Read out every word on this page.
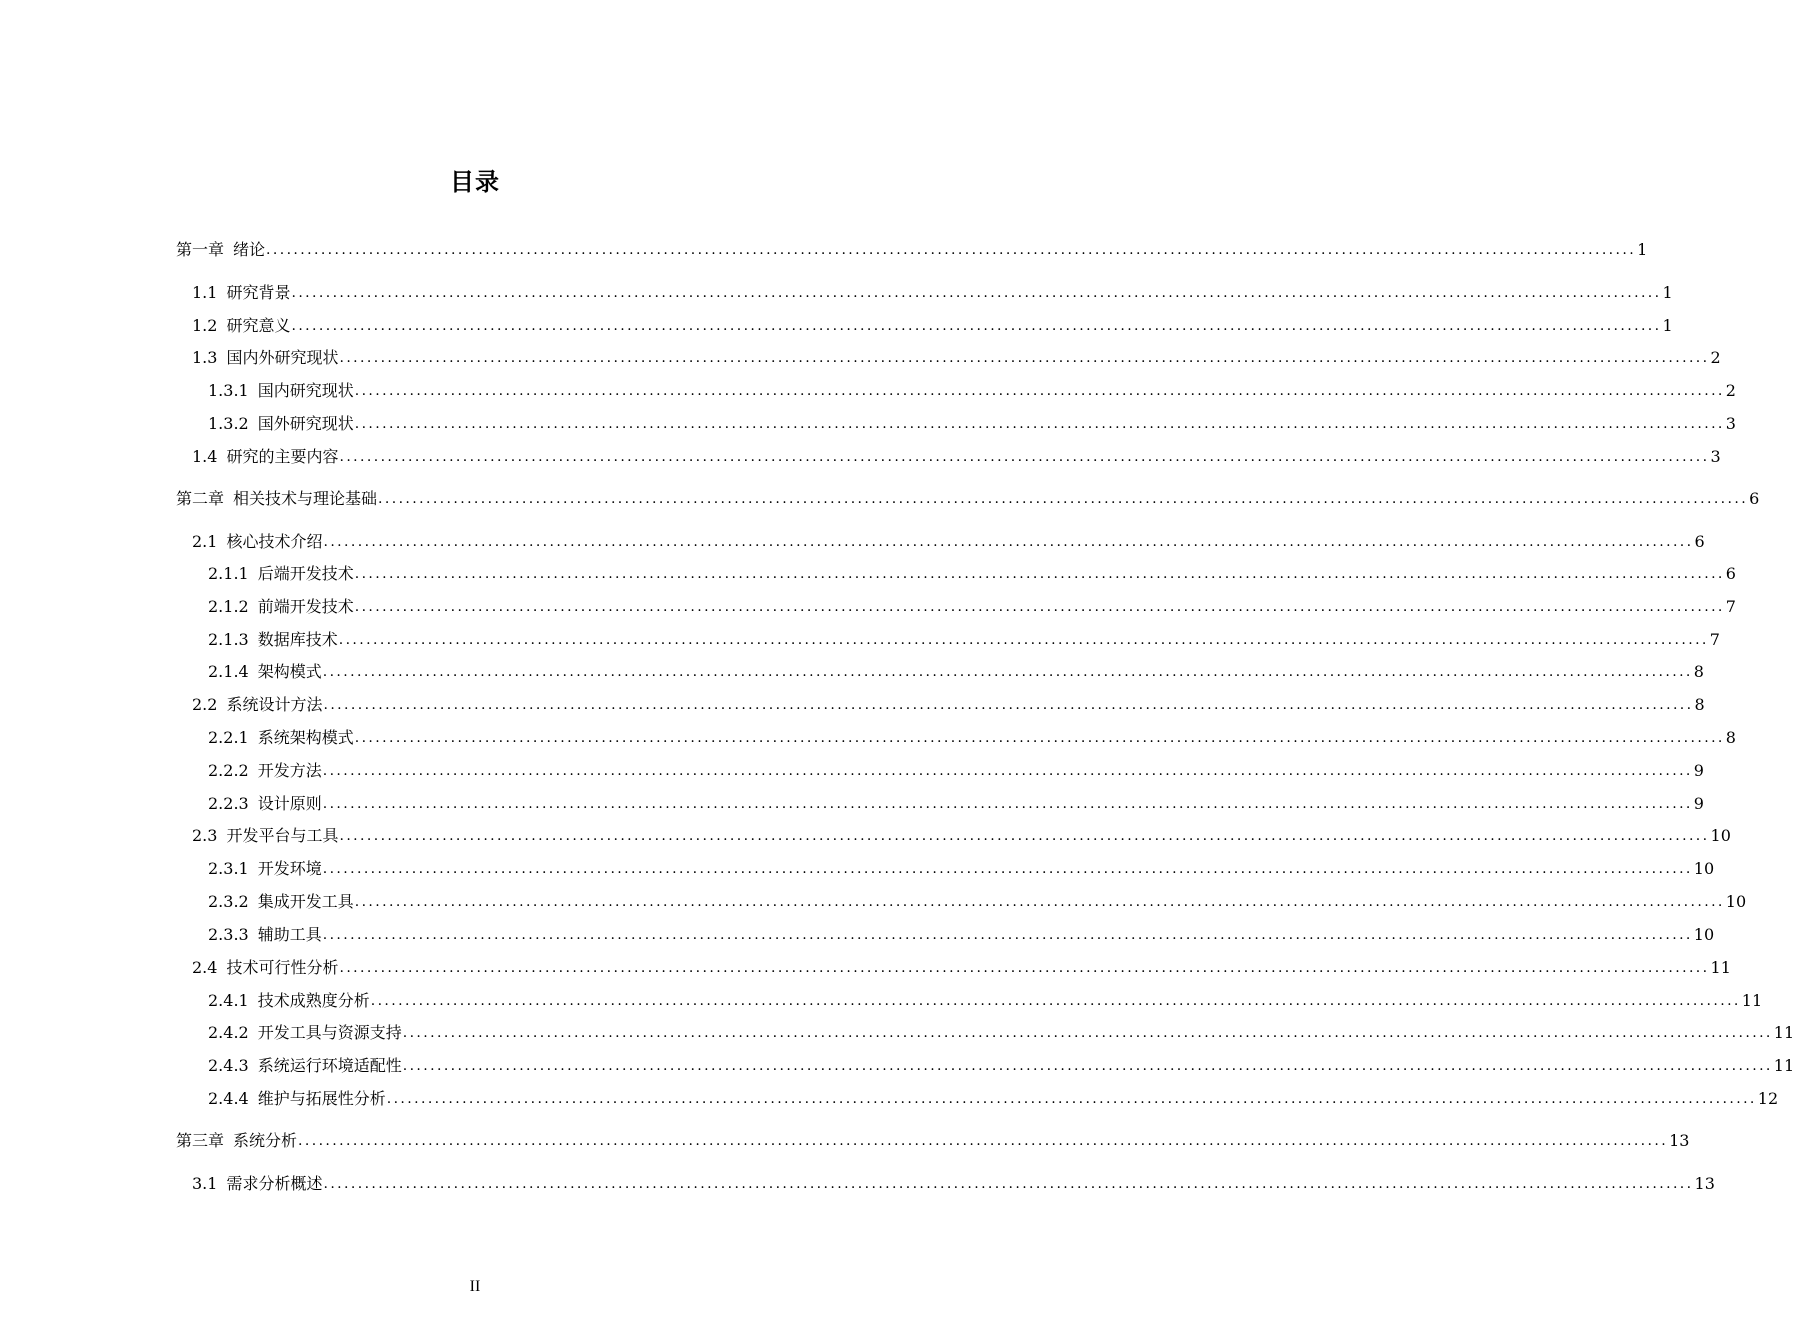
目录
第一章 绪论 ........................................................................................................................................................................................................ 1
1.1 研究背景 ........................................................................................................................................................................................................ 1
1.2 研究意义 ........................................................................................................................................................................................................ 1
1.3 国内外研究现状 ........................................................................................................................................................................................................ 2
1.3.1 国内研究现状 ........................................................................................................................................................................................................ 2
1.3.2 国外研究现状 ........................................................................................................................................................................................................ 3
1.4 研究的主要内容 ........................................................................................................................................................................................................ 3
第二章 相关技术与理论基础 ........................................................................................................................................................................................................ 6
2.1 核心技术介绍 ........................................................................................................................................................................................................ 6
2.1.1 后端开发技术 ........................................................................................................................................................................................................ 6
2.1.2 前端开发技术 ........................................................................................................................................................................................................ 7
2.1.3 数据库技术 ........................................................................................................................................................................................................ 7
2.1.4 架构模式 ........................................................................................................................................................................................................ 8
2.2 系统设计方法 ........................................................................................................................................................................................................ 8
2.2.1 系统架构模式 ........................................................................................................................................................................................................ 8
2.2.2 开发方法 ........................................................................................................................................................................................................ 9
2.2.3 设计原则 ........................................................................................................................................................................................................ 9
2.3 开发平台与工具 ........................................................................................................................................................................................................ 10
2.3.1 开发环境 ........................................................................................................................................................................................................ 10
2.3.2 集成开发工具 ........................................................................................................................................................................................................ 10
2.3.3 辅助工具 ........................................................................................................................................................................................................ 10
2.4 技术可行性分析 ........................................................................................................................................................................................................ 11
2.4.1 技术成熟度分析 ........................................................................................................................................................................................................ 11
2.4.2 开发工具与资源支持 ........................................................................................................................................................................................................ 11
2.4.3 系统运行环境适配性 ........................................................................................................................................................................................................ 11
2.4.4 维护与拓展性分析 ........................................................................................................................................................................................................ 12
第三章 系统分析 ........................................................................................................................................................................................................ 13
3.1 需求分析概述 ........................................................................................................................................................................................................ 13
II
